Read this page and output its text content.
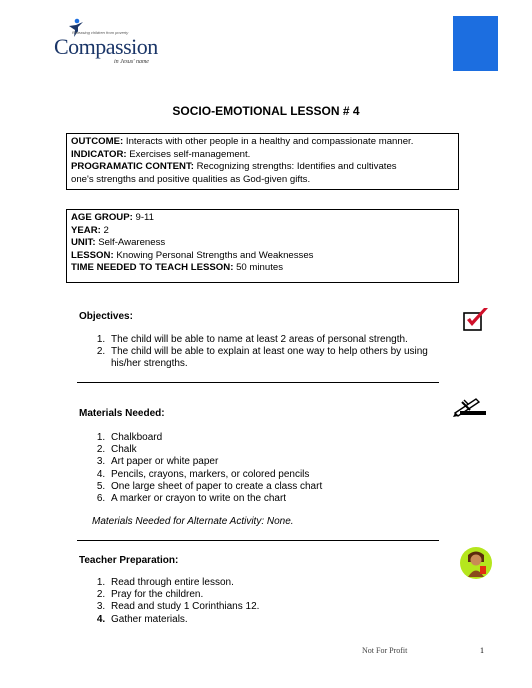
Releasing children from poverty
Compassion
in Jesus' name
SOCIO-EMOTIONAL LESSON # 4

OUTCOME: Interacts with other people in a healthy and compassionate manner.

INDICATOR: Exercises self-management.

PROGRAMATIC CONTENT: Recognizing strengths: Identifies and cultivates

one's strengths and positive qualities as God-given gifts.

AGE GROUP: 9-11

YEAR: 2

UNIT: Self-Awareness

LESSON: Knowing Personal Strengths and Weaknesses

TIME NEEDED TO TEACH LESSON: 50 minutes

Objectives:
1. The child will be able to name at least 2 areas of personal strength.
2. The child will be able to explain at least one way to help others by using his/her strengths.
Materials Needed:
1. Chalkboard
2. Chalk
3. Art paper or white paper
4. Pencils, crayons, markers, or colored pencils
5. One large sheet of paper to create a class chart
6. A marker or crayon to write on the chart
Materials Needed for Alternate Activity: None.
Teacher Preparation:
1. Read through entire lesson.
2. Pray for the children.
3. Read and study 1 Corinthians 12.
4. Gather materials.
Not For Profit	1
